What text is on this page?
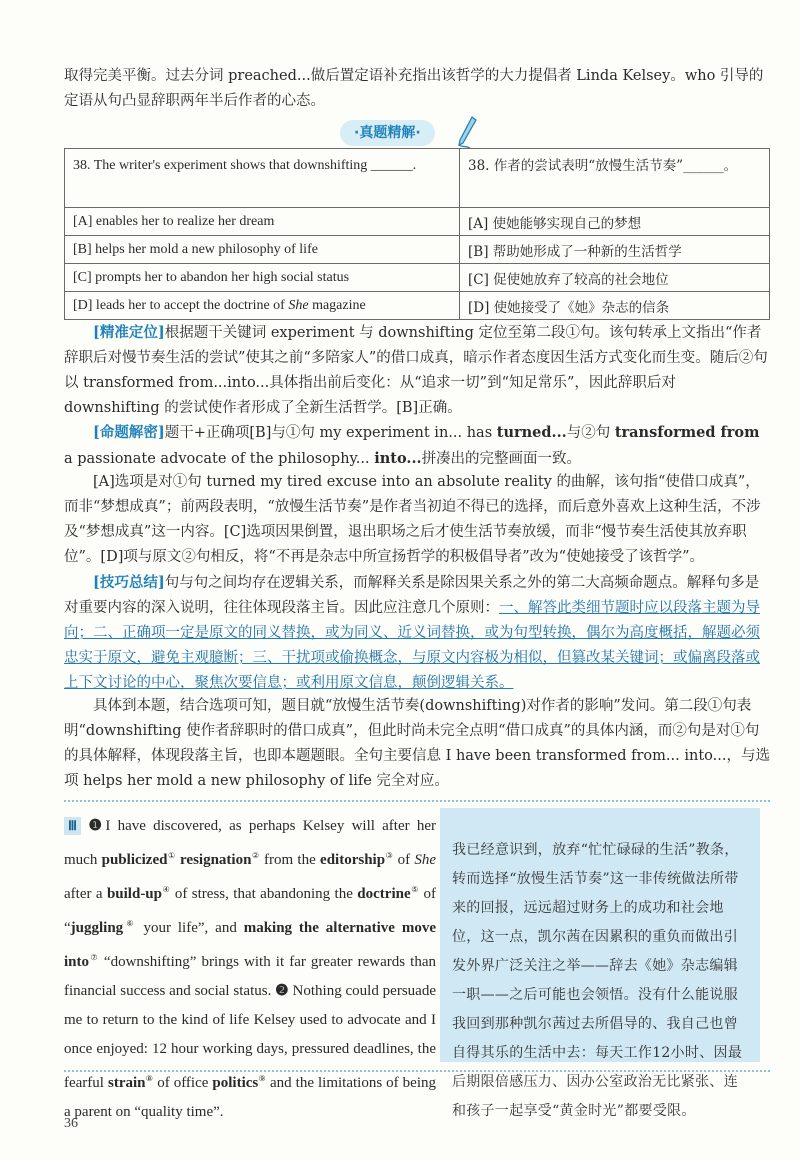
取得完美平衡。过去分词 preached...做后置定语补充指出该哲学的大力提倡者 Linda Kelsey。who 引导的定语从句凸显辞职两年半后作者的心态。

·真题精解·
38. The writer's experiment shows that downshifting ______.	38. 作者的尝试表明“放慢生活节奏”______。
[A] enables her to realize her dream	[A] 使她能够实现自己的梦想
[B] helps her mold a new philosophy of life	[B] 帮助她形成了一种新的生活哲学
[C] prompts her to abandon her high social status	[C] 促使她放弃了较高的社会地位
[D] leads her to accept the doctrine of She magazine	[D] 使她接受了《她》杂志的信条

[精准定位]根据题干关键词 experiment 与 downshifting 定位至第二段①句。该句转承上文指出“作者辞职后对慢节奏生活的尝试”使其之前“多陪家人”的借口成真，暗示作者态度因生活方式变化而生变。随后②句以 transformed from...into...具体指出前后变化：从“追求一切”到“知足常乐”，因此辞职后对 downshifting 的尝试使作者形成了全新生活哲学。[B]正确。

[命题解密]题干+正确项[B]与①句 my experiment in... has turned...与②句 transformed from a passionate advocate of the philosophy... into...拼凑出的完整画面一致。

[A]选项是对①句 turned my tired excuse into an absolute reality 的曲解，该句指“使借口成真”，而非“梦想成真”；前两段表明，“放慢生活节奏”是作者当初迫不得已的选择，而后意外喜欢上这种生活，不涉及“梦想成真”这一内容。[C]选项因果倒置，退出职场之后才使生活节奏放缓，而非“慢节奏生活使其放弃职位”。[D]项与原文②句相反，将“不再是杂志中所宣扬哲学的积极倡导者”改为“使她接受了该哲学”。

[技巧总结]句与句之间均存在逻辑关系，而解释关系是除因果关系之外的第二大高频命题点。解释句多是对重要内容的深入说明，往往体现段落主旨。因此应注意几个原则：一、解答此类细节题时应以段落主题为导向；二、正确项一定是原文的同义替换，或为同义、近义词替换，或为句型转换，偶尔为高度概括，解题必须忠实于原文，避免主观臆断；三、干扰项或偷换概念，与原文内容极为相似，但篡改某关键词；或偏离段落或上下文讨论的中心，聚焦次要信息；或利用原文信息，颠倒逻辑关系。

具体到本题，结合选项可知，题目就“放慢生活节奏(downshifting)对作者的影响”发问。第二段①句表明“downshifting 使作者辞职时的借口成真”，但此时尚未完全点明“借口成真”的具体内涵，而②句是对①句的具体解释，体现段落主旨，也即本题题眼。全句主要信息 I have been transformed from... into...，与选项 helps her mold a new philosophy of life 完全对应。

Ⅲ ❶I have discovered, as perhaps Kelsey will after her much publicized① resignation② from the editorship③ of She after a build-up④ of stress, that abandoning the doctrine⑤ of “juggling⑥ your life”, and making the alternative move into⑦ “downshifting” brings with it far greater rewards than financial success and social status. ❷ Nothing could persuade me to return to the kind of life Kelsey used to advocate and I once enjoyed: 12 hour working days, pressured deadlines, the fearful strain⑧ of office politics⑨ and the limitations of being a parent on “quality time”.
我已经意识到，放弃“忙忙碌碌的生活”教条，转而选择“放慢生活节奏”这一非传统做法所带来的回报，远远超过财务上的成功和社会地位，这一点，凯尔茜在因累积的重负而做出引发外界广泛关注之举——辞去《她》杂志编辑一职——之后可能也会领悟。没有什么能说服我回到那种凯尔茜过去所倡导的、我自己也曾自得其乐的生活中去：每天工作12小时、因最后期限倍感压力、因办公室政治无比紧张、连和孩子一起享受“黄金时光”都要受限。
36
